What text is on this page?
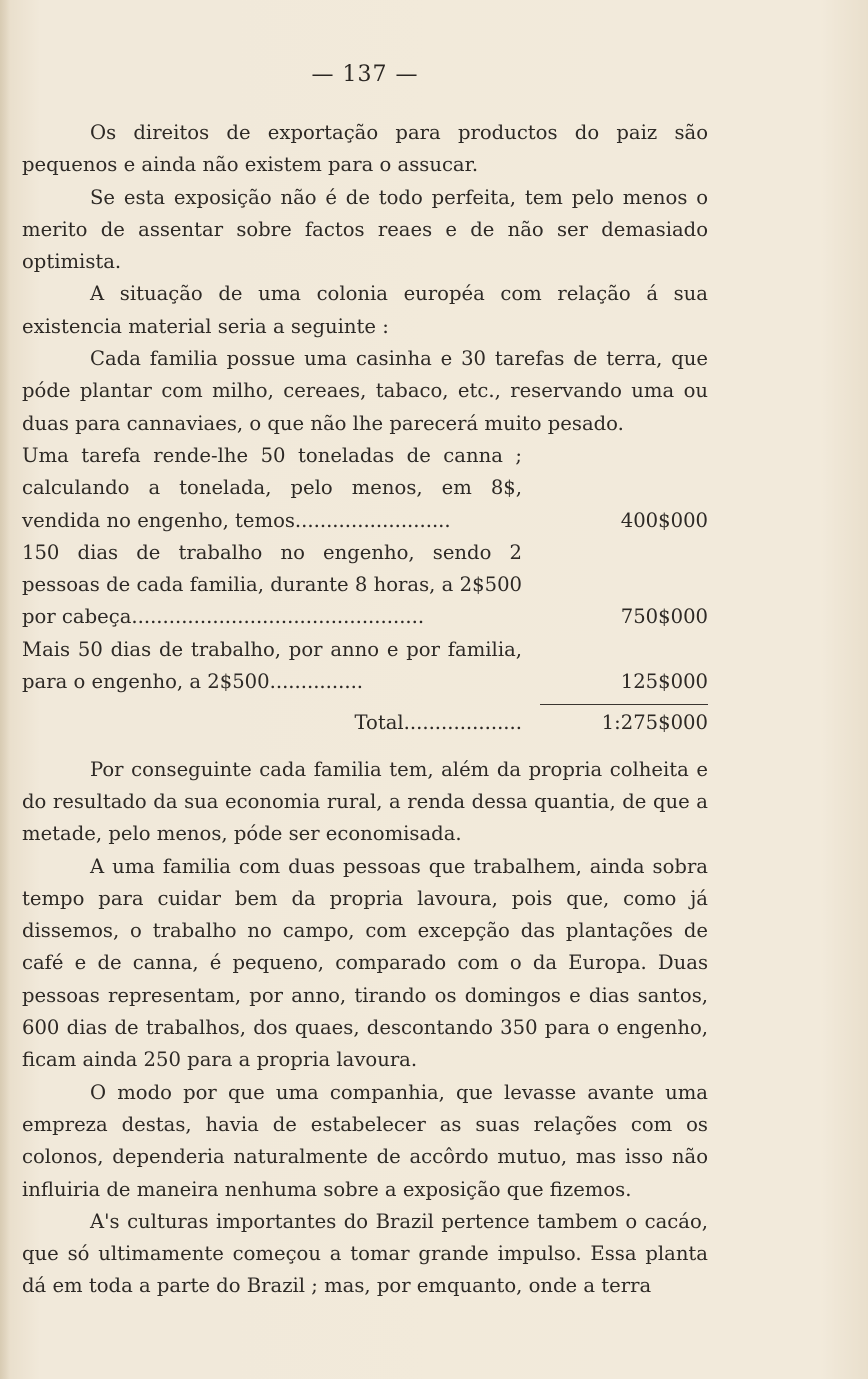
— 137 —

Os direitos de exportação para productos do paiz são pequenos e ainda não existem para o assucar.

Se esta exposição não é de todo perfeita, tem pelo menos o merito de assentar sobre factos reaes e de não ser demasiado optimista.

A situação de uma colonia européa com relação á sua existencia material seria a seguinte :

Cada familia possue uma casinha e 30 tarefas de terra, que póde plantar com milho, cereaes, tabaco, etc., reservando uma ou duas para cannaviaes, o que não lhe parecerá muito pesado.

Uma tarefa rende-lhe 50 toneladas de canna ; calculando a tonelada, pelo menos, em 8$, vendida no engenho, temos.........................	400$000
150 dias de trabalho no engenho, sendo 2 pessoas de cada familia, durante 8 horas, a 2$500 por cabeça...............................................	750$000
Mais 50 dias de trabalho, por anno e por familia, para o engenho, a 2$500...............	125$000
Total...................	1:275$000

Por conseguinte cada familia tem, além da propria colheita e do resultado da sua economia rural, a renda dessa quantia, de que a metade, pelo menos, póde ser economisada.

A uma familia com duas pessoas que trabalhem, ainda sobra tempo para cuidar bem da propria lavoura, pois que, como já dissemos, o trabalho no campo, com excepção das plantações de café e de canna, é pequeno, comparado com o da Europa. Duas pessoas representam, por anno, tirando os domingos e dias santos, 600 dias de trabalhos, dos quaes, descontando 350 para o engenho, ficam ainda 250 para a propria lavoura.

O modo por que uma companhia, que levasse avante uma empreza destas, havia de estabelecer as suas relações com os colonos, dependeria naturalmente de accôrdo mutuo, mas isso não influiria de maneira nenhuma sobre a exposição que fizemos.

A's culturas importantes do Brazil pertence tambem o cacáo, que só ultimamente começou a tomar grande impulso. Essa planta dá em toda a parte do Brazil ; mas, por emquanto, onde a terra
